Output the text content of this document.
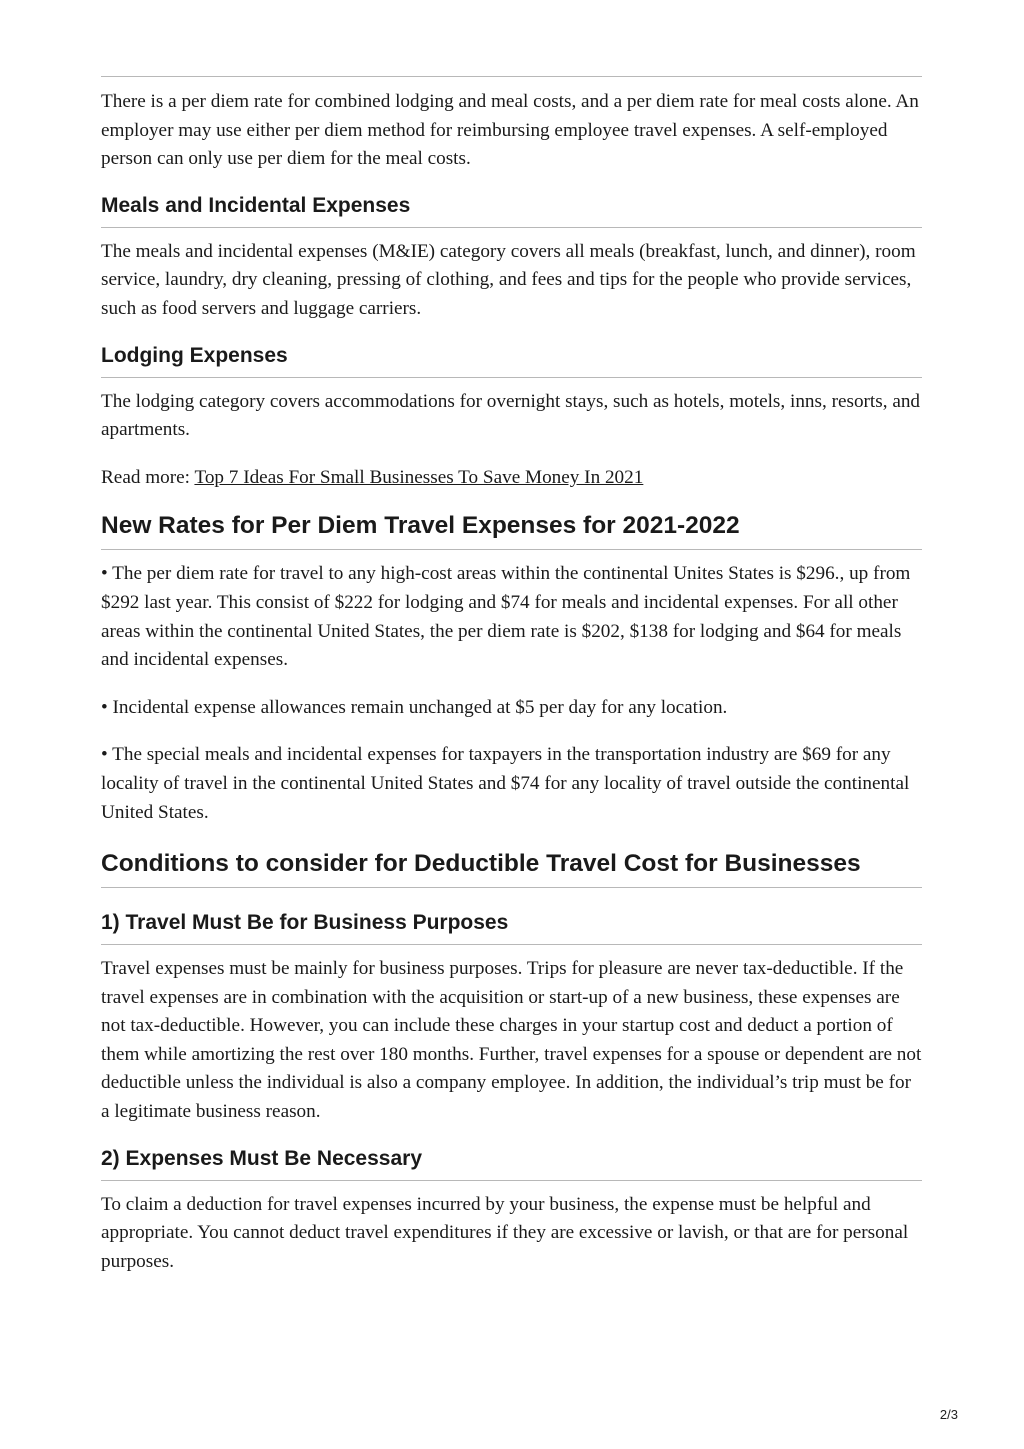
There is a per diem rate for combined lodging and meal costs, and a per diem rate for meal costs alone. An employer may use either per diem method for reimbursing employee travel expenses. A self-employed person can only use per diem for the meal costs.

Meals and Incidental Expenses

The meals and incidental expenses (M&IE) category covers all meals (breakfast, lunch, and dinner), room service, laundry, dry cleaning, pressing of clothing, and fees and tips for the people who provide services, such as food servers and luggage carriers.

Lodging Expenses

The lodging category covers accommodations for overnight stays, such as hotels, motels, inns, resorts, and apartments.

Read more: Top 7 Ideas For Small Businesses To Save Money In 2021

New Rates for Per Diem Travel Expenses for 2021-2022

• The per diem rate for travel to any high-cost areas within the continental Unites States is $296., up from $292 last year. This consist of $222 for lodging and $74 for meals and incidental expenses. For all other areas within the continental United States, the per diem rate is $202, $138 for lodging and $64 for meals and incidental expenses.

• Incidental expense allowances remain unchanged at $5 per day for any location.

• The special meals and incidental expenses for taxpayers in the transportation industry are $69 for any locality of travel in the continental United States and $74 for any locality of travel outside the continental United States.

Conditions to consider for Deductible Travel Cost for Businesses
1) Travel Must Be for Business Purposes

Travel expenses must be mainly for business purposes. Trips for pleasure are never tax-deductible. If the travel expenses are in combination with the acquisition or start-up of a new business, these expenses are not tax-deductible. However, you can include these charges in your startup cost and deduct a portion of them while amortizing the rest over 180 months. Further, travel expenses for a spouse or dependent are not deductible unless the individual is also a company employee. In addition, the individual’s trip must be for a legitimate business reason.

2) Expenses Must Be Necessary

To claim a deduction for travel expenses incurred by your business, the expense must be helpful and appropriate. You cannot deduct travel expenditures if they are excessive or lavish, or that are for personal purposes.

2/3
